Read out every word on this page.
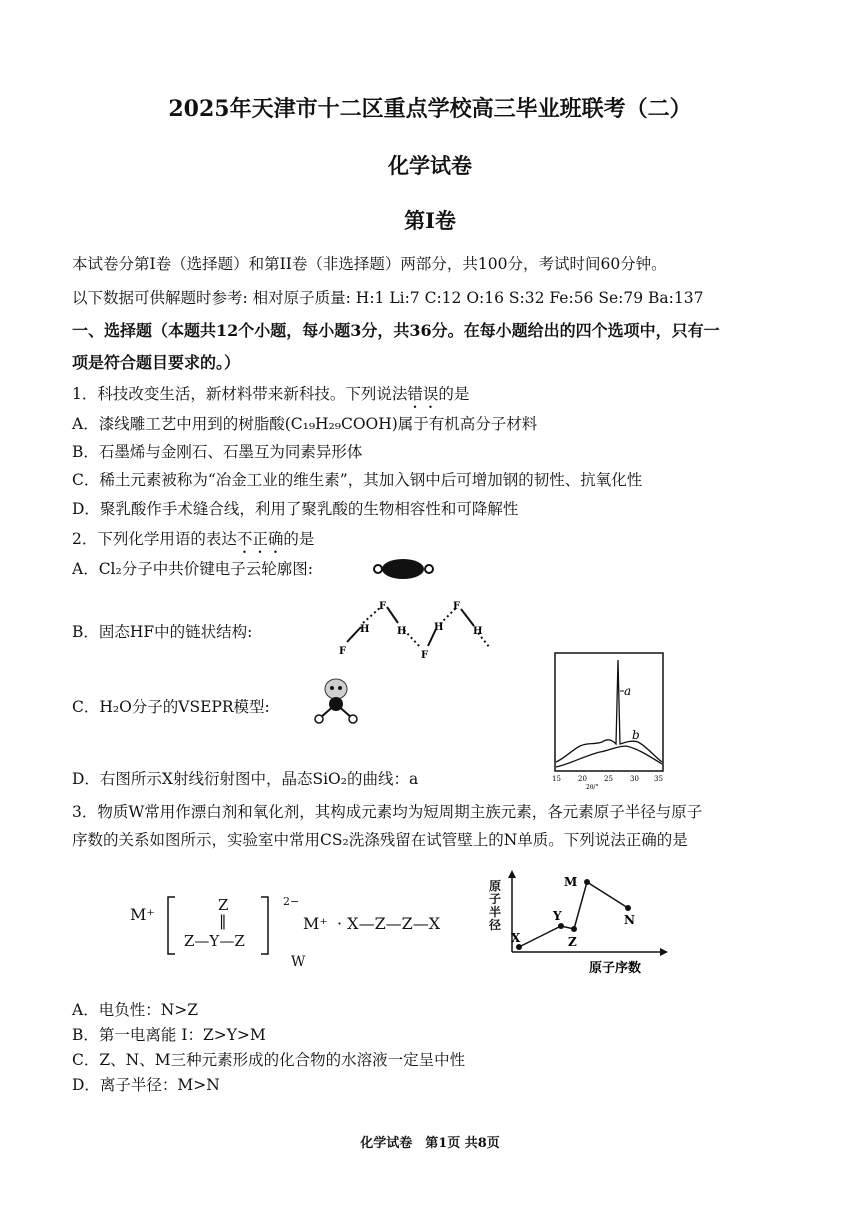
2025年天津市十二区重点学校高三毕业班联考（二）
化学试卷
第I卷
本试卷分第I卷（选择题）和第II卷（非选择题）两部分，共100分，考试时间60分钟。
以下数据可供解题时参考: 相对原子质量: H:1 Li:7 C:12 O:16 S:32 Fe:56 Se:79 Ba:137
一、选择题（本题共12个小题，每小题3分，共36分。在每小题给出的四个选项中，只有一
项是符合题目要求的。）
1．科技改变生活，新材料带来新科技。下列说法错误的是
A．漆线雕工艺中用到的树脂酸(C₁₉H₂₉COOH)属于有机高分子材料
B．石墨烯与金刚石、石墨互为同素异形体
C．稀土元素被称为“冶金工业的维生素”，其加入钢中后可增加钢的韧性、抗氧化性
D．聚乳酸作手术缝合线，利用了聚乳酸的生物相容性和可降解性
2．下列化学用语的表达不正确的是
A．Cl₂分子中共价键电子云轮廓图:
B．固态HF中的链状结构:
F
H	H
F
F
H
F
H
C．H₂O分子的VSEPR模型:
a
b
15 20 25 30 35
2θ/°
D．右图所示X射线衍射图中，晶态SiO₂的曲线：a
3．物质W常用作漂白剂和氧化剂，其构成元素均为短周期主族元素，各元素原子半径与原子
序数的关系如图所示，实验室中常用CS₂洗涤残留在试管壁上的N单质。下列说法正确的是
M⁺	Z
‖
Z—Y—Z
2−
M⁺ · X—Z—Z—X
W
X
Y
Z
M
N
原子序数
原子半径
A．电负性：N>Z
B．第一电离能 I：Z>Y>M
C．Z、N、M三种元素形成的化合物的水溶液一定呈中性
D．离子半径：M>N
化学试卷　第1页 共8页
